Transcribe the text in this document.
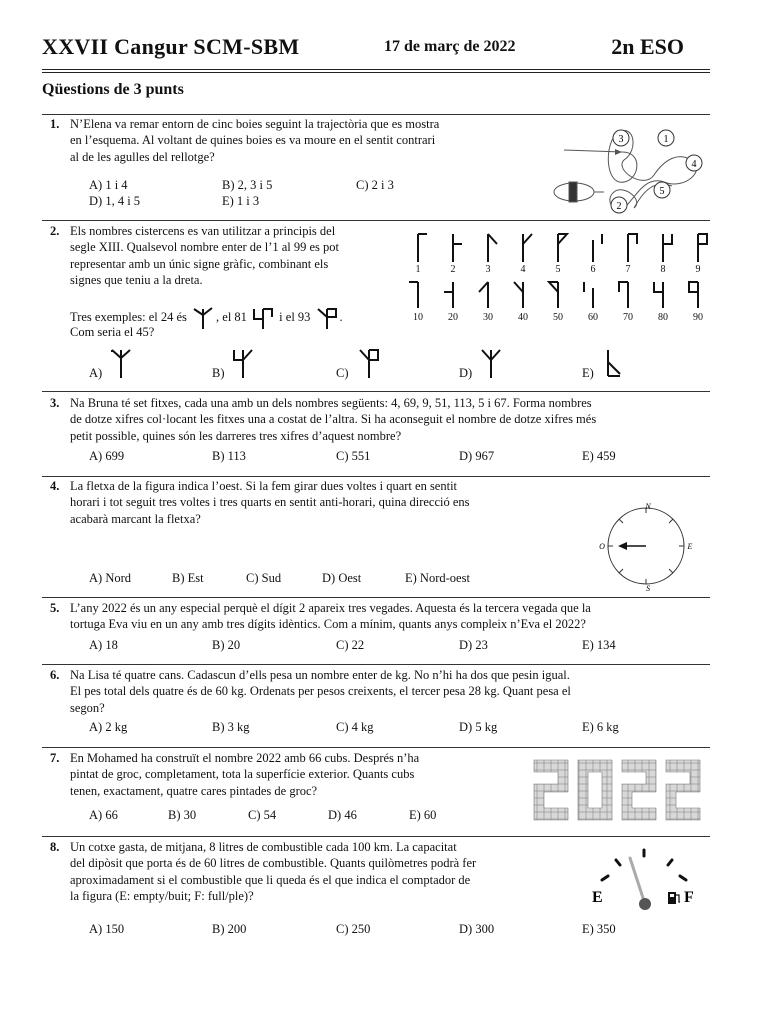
XXVII Cangur SCM-SBM	17 de març de 2022	2n ESO
Qüestions de 3 punts
1. N’Elena va remar entorn de cinc boies seguint la trajectòria que es mostra
en l’esquema. Al voltant de quines boies es va moure en el sentit contrari
al de les agulles del rellotge?
A) 1 i 4	B) 2, 3 i 5	C) 2 i 3
D) 1, 4 i 5	E) 1 i 3
3	1
4
5
2
2. Els nombres cistercens es van utilitzar a principis del
segle XIII. Qualsevol nombre enter de l’1 al 99 es pot
representar amb un únic signe gràfic, combinant els
signes que teniu a la dreta.
Tres exemples: el 24 és , el 81	i el 93 .
Com seria el 45?
1	2	3	4	5	6	7	8	9
10	20	30	40	50	60	70	80	90
A)	B)	C)	D)	E)
3. Na Bruna té set fitxes, cada una amb un dels nombres següents: 4, 69, 9, 51, 113, 5 i 67. Forma nombres
de dotze xifres col·locant les fitxes una a costat de l’altra. Si ha aconseguit el nombre de dotze xifres més
petit possible, quines són les darreres tres xifres d’aquest nombre?
A) 699	B) 113	C) 551	D) 967	E) 459
4. La fletxa de la figura indica l’oest. Si la fem girar dues voltes i quart en sentit
horari i tot seguit tres voltes i tres quarts en sentit anti-horari, quina direcció ens
acabarà marcant la fletxa?
N
S
E
O
A) Nord	B) Est	C) Sud	D) Oest	E) Nord-oest
5. L’any 2022 és un any especial perquè el dígit 2 apareix tres vegades. Aquesta és la tercera vegada que la
tortuga Eva viu en un any amb tres dígits idèntics. Com a mínim, quants anys compleix n’Eva el 2022?
A) 18	B) 20	C) 22	D) 23	E) 134
6. Na Lisa té quatre cans. Cadascun d’ells pesa un nombre enter de kg. No n’hi ha dos que pesin igual.
El pes total dels quatre és de 60 kg. Ordenats per pesos creixents, el tercer pesa 28 kg. Quant pesa el
segon?
A) 2 kg	B) 3 kg	C) 4 kg	D) 5 kg	E) 6 kg
7. En Mohamed ha construït el nombre 2022 amb 66 cubs. Després n’ha
pintat de groc, completament, tota la superfície exterior. Quants cubs
tenen, exactament, quatre cares pintades de groc?
A) 66	B) 30	C) 54	D) 46	E) 60
8. Un cotxe gasta, de mitjana, 8 litres de combustible cada 100 km. La capacitat
del dipòsit que porta és de 60 litres de combustible. Quants quilòmetres podrà fer
aproximadament si el combustible que li queda és el que indica el comptador de
la figura (E: empty/buit; F: full/ple)?	E	F
A) 150	B) 200	C) 250	D) 300	E) 350
